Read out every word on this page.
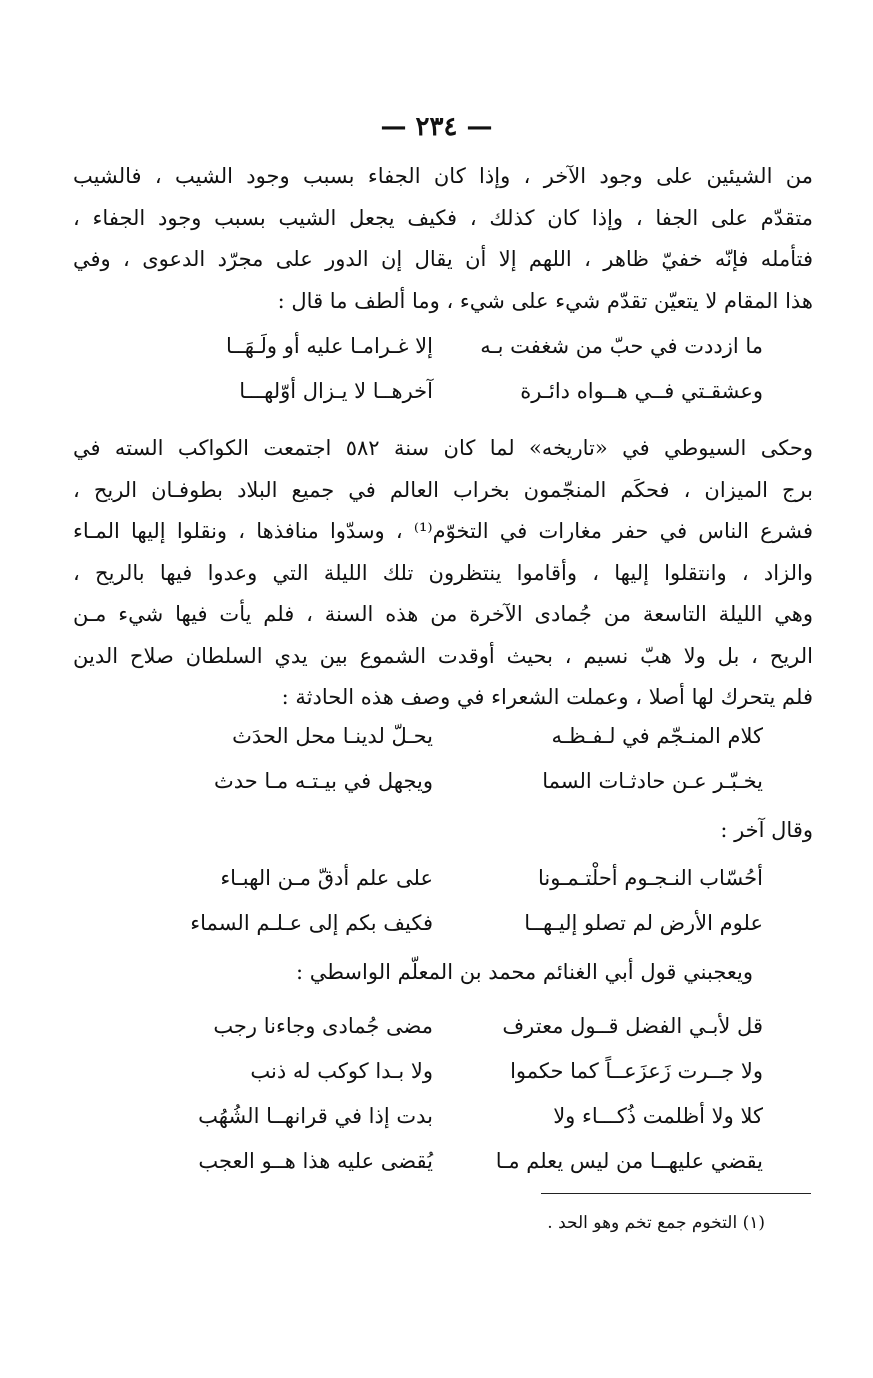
— ٢٣٤ —
من الشيئين على وجود الآخر ، وإذا كان الجفاء بسبب وجود الشيب ، فالشيب
متقدّم على الجفا ، وإذا كان كذلك ، فكيف يجعل الشيب بسبب وجود الجفاء ،
فتأمله فإنّه خفيّ ظاهر ، اللهم إلا أن يقال إن الدور على مجرّد الدعوى ، وفي
هذا المقام لا يتعيّن تقدّم شيء على شيء ، وما ألطف ما قال :
ما ازددت في حبّ من شغفت بـه
إلا غـرامـا عليه أو ولَـهَــا
وعشقـتي فــي هــواه دائـرة
آخرهــا لا يـزال أوّلهـــا
وحكى السيوطي في «تاريخه» لما كان سنة ٥٨٢ اجتمعت الكواكب السته في
برج الميزان ، فحكَم المنجّمون بخراب العالم في جميع البلاد بطوفـان الريح ،
فشرع الناس في حفر مغارات في التخوّم⁽¹⁾ ، وسدّوا منافذها ، ونقلوا إليها المـاء
والزاد ، وانتقلوا إليها ، وأقاموا ينتظرون تلك الليلة التي وعدوا فيها بالريح ،
وهي الليلة التاسعة من جُمادى الآخرة من هذه السنة ، فلم يأت فيها شيء مـن
الريح ، بل ولا هبّ نسيم ، بحيث أوقدت الشموع بين يدي السلطان صلاح الدين
فلم يتحرك لها أصلا ، وعملت الشعراء في وصف هذه الحادثة :
كلام المنـجّم في لـفـظـه
يحـلّ لدينـا محل الحدَث
يخـبّـر عـن حادثـات السما
ويجهل في بيـتـه مـا حدث
وقال آخر :
أحُسّاب النـجـوم أحلْتـمـونا
على علم أدقّ مـن الهبـاء
علوم الأرض لم تصلو إليـهــا
فكيف بكم إلى عـلـم السماء
ويعجبني قول أبي الغنائم محمد بن المعلّم الواسطي :
قل لأبـي الفضل قــول معترف
مضى جُمادى وجاءنا رجب
ولا جــرت زَعزَعــاً كما حكموا
ولا بـدا كوكب له ذنب
كلا ولا أظلمت ذُكـــاء ولا
بدت إذا في قرانهــا الشُهُب
يقضي عليهــا من ليس يعلم مـا
يُقضى عليه هذا هــو العجب
(١) التخوم جمع تخم وهو الحد .
